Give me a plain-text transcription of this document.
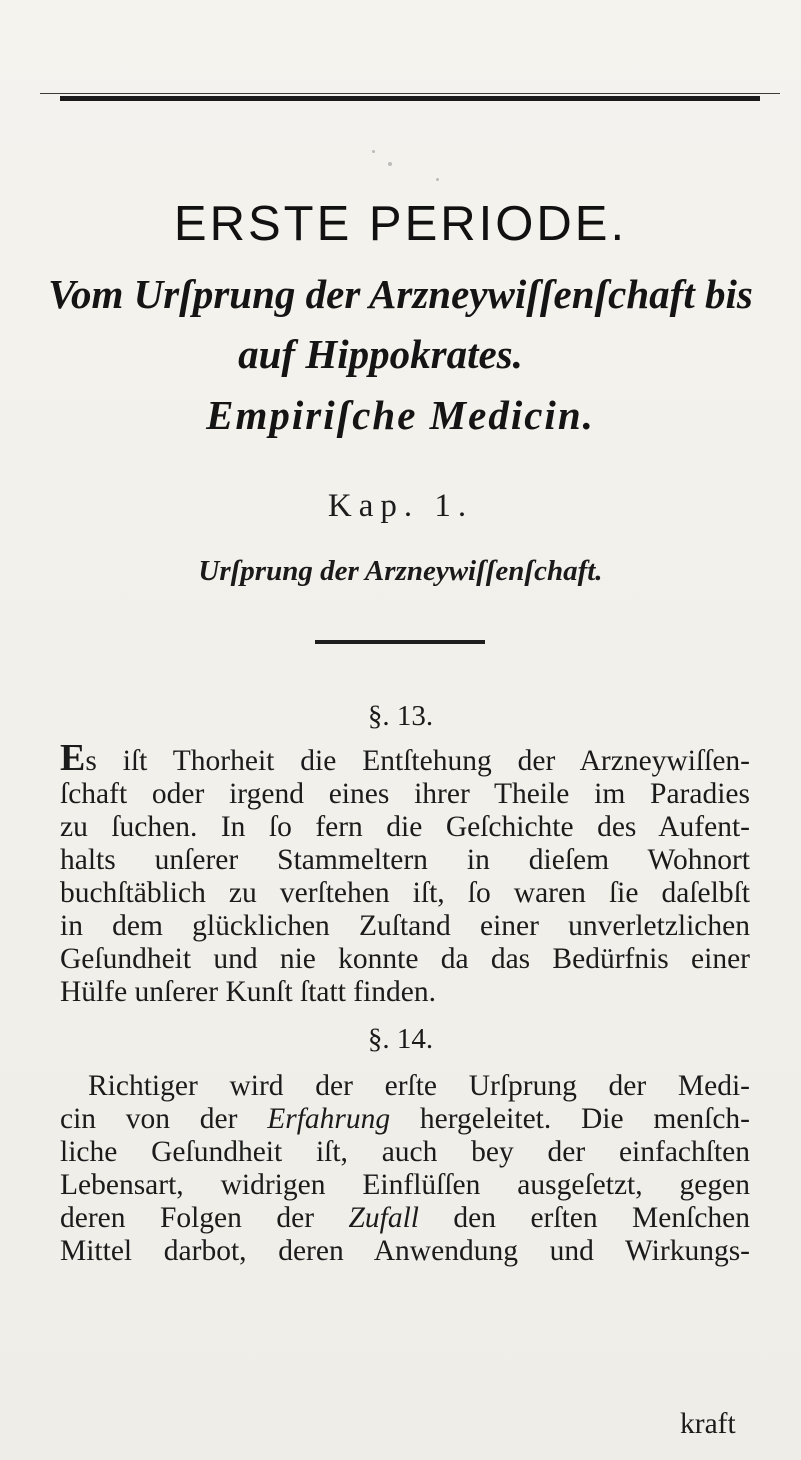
ERSTE PERIODE.
Vom Urſprung der Arzneywiſſenſchaft bis
auf Hippokrates.
Empiriſche Medicin.
Kap. 1.
Urſprung der Arzneywiſſenſchaft.
§. 13.
Es iſt Thorheit die Entſtehung der Arzneywiſſen-
ſchaft oder irgend eines ihrer Theile im Paradies
zu ſuchen. In ſo fern die Geſchichte des Aufent-
halts unſerer Stammeltern in dieſem Wohnort
buchſtäblich zu verſtehen iſt, ſo waren ſie daſelbſt
in dem glücklichen Zuſtand einer unverletzlichen
Geſundheit und nie konnte da das Bedürfnis einer
Hülfe unſerer Kunſt ſtatt finden.
§. 14.
Richtiger wird der erſte Urſprung der Medi-
cin von der Erfahrung hergeleitet. Die menſch-
liche Geſundheit iſt, auch bey der einfachſten
Lebensart, widrigen Einflüſſen ausgeſetzt, gegen
deren Folgen der Zufall den erſten Menſchen
Mittel darbot, deren Anwendung und Wirkungs-
kraft
